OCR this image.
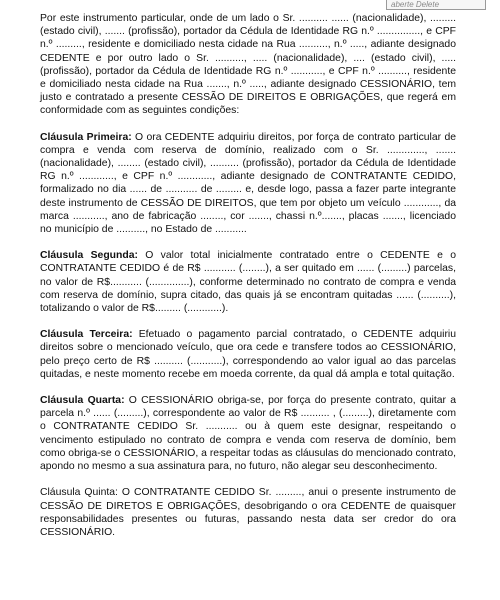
aberte Delete

Por este instrumento particular, onde de um lado o Sr. .......... ...... (nacionalidade), .........(estado civil), ....... (profissão), portador da Cédula de Identidade RG n.º ..............., e CPF n.º ........., residente e domiciliado nesta cidade na Rua .........., n.º ....., adiante designado CEDENTE e por outro lado o Sr. .........., ..... (nacionalidade), .... (estado civil), ..... (profissão), portador da Cédula de Identidade RG n.º ..........., e CPF n.º .........., residente e domiciliado nesta cidade na Rua ......., n.º ....., adiante designado CESSIONÁRIO, tem justo e contratado a presente CESSÃO DE DIREITOS E OBRIGAÇÕES, que regerá em conformidade com as seguintes condições:

Cláusula Primeira: O ora CEDENTE adquiriu direitos, por força de contrato particular de compra e venda com reserva de domínio, realizado com o Sr. ............., ....... (nacionalidade), ........ (estado civil), .......... (profissão), portador da Cédula de Identidade RG n.º ............, e CPF n.º ............, adiante designado de CONTRATANTE CEDIDO, formalizado no dia ...... de ........... de ......... e, desde logo, passa a fazer parte integrante deste instrumento de CESSÃO DE DIREITOS, que tem por objeto um veículo ............, da marca ..........., ano de fabricação ........, cor ......., chassi n.º......., placas ......., licenciado no município de .........., no Estado de ...........

Cláusula Segunda: O valor total inicialmente contratado entre o CEDENTE e o CONTRATANTE CEDIDO é de R$ ........... (........), a ser quitado em ...... (.........) parcelas, no valor de R$........... (..............), conforme determinado no contrato de compra e venda com reserva de domínio, supra citado, das quais já se encontram quitadas ...... (..........), totalizando o valor de R$......... (............).

Cláusula Terceira: Efetuado o pagamento parcial contratado, o CEDENTE adquiriu direitos sobre o mencionado veículo, que ora cede e transfere todos ao CESSIONÁRIO, pelo preço certo de R$ .......... (...........), correspondendo ao valor igual ao das parcelas quitadas, e neste momento recebe em moeda corrente, da qual dá ampla e total quitação.

Cláusula Quarta: O CESSIONÁRIO obriga-se, por força do presente contrato, quitar a parcela n.º ...... (.........), correspondente ao valor de R$ .......... , (.........), diretamente com o CONTRATANTE CEDIDO Sr. ........... ou à quem este designar, respeitando o vencimento estipulado no contrato de compra e venda com reserva de domínio, bem como obriga-se o CESSIONÁRIO, a respeitar todas as cláusulas do mencionado contrato, apondo no mesmo a sua assinatura para, no futuro, não alegar seu desconhecimento.

Cláusula Quinta: O CONTRATANTE CEDIDO Sr. ........., anui o presente instrumento de CESSÃO DE DIRETOS E OBRIGAÇÕES, desobrigando o ora CEDENTE de quaisquer responsabilidades presentes ou futuras, passando nesta data ser credor do ora CESSIONÁRIO.
